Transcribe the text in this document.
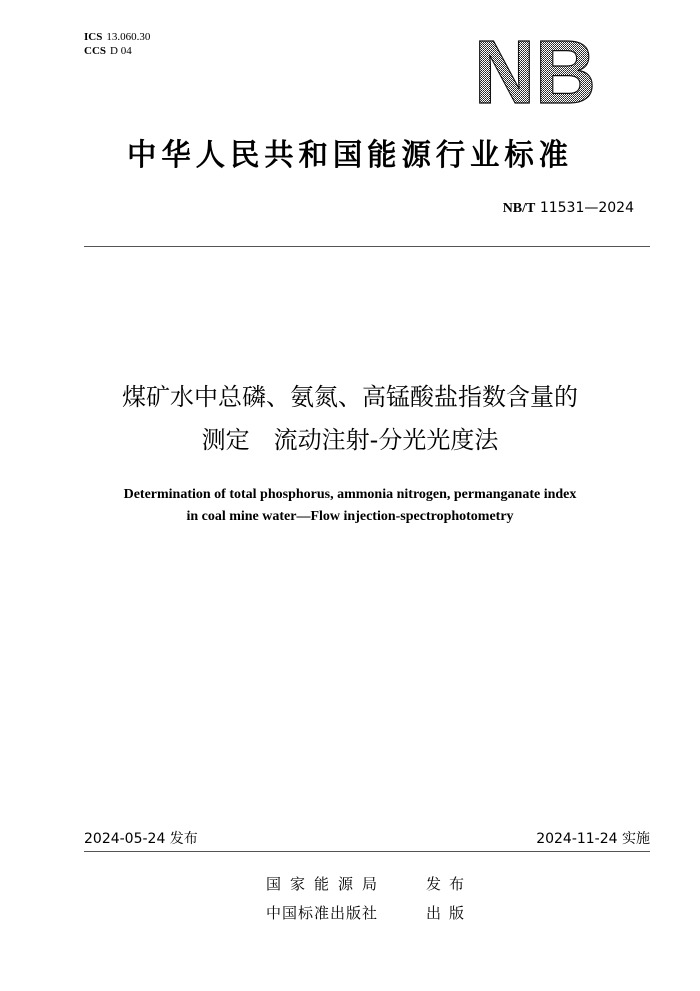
ICS 13.060.30
CCS D 04	NB
中华人民共和国能源行业标准
NB/T 11531—2024
煤矿水中总磷、氨氮、高锰酸盐指数含量的
测定　流动注射-分光光度法
Determination of total phosphorus, ammonia nitrogen, permanganate index
in coal mine water—Flow injection-spectrophotometry
2024-05-24 发布	2024-11-24 实施
国家能源局	发布
中国标准出版社	出版
